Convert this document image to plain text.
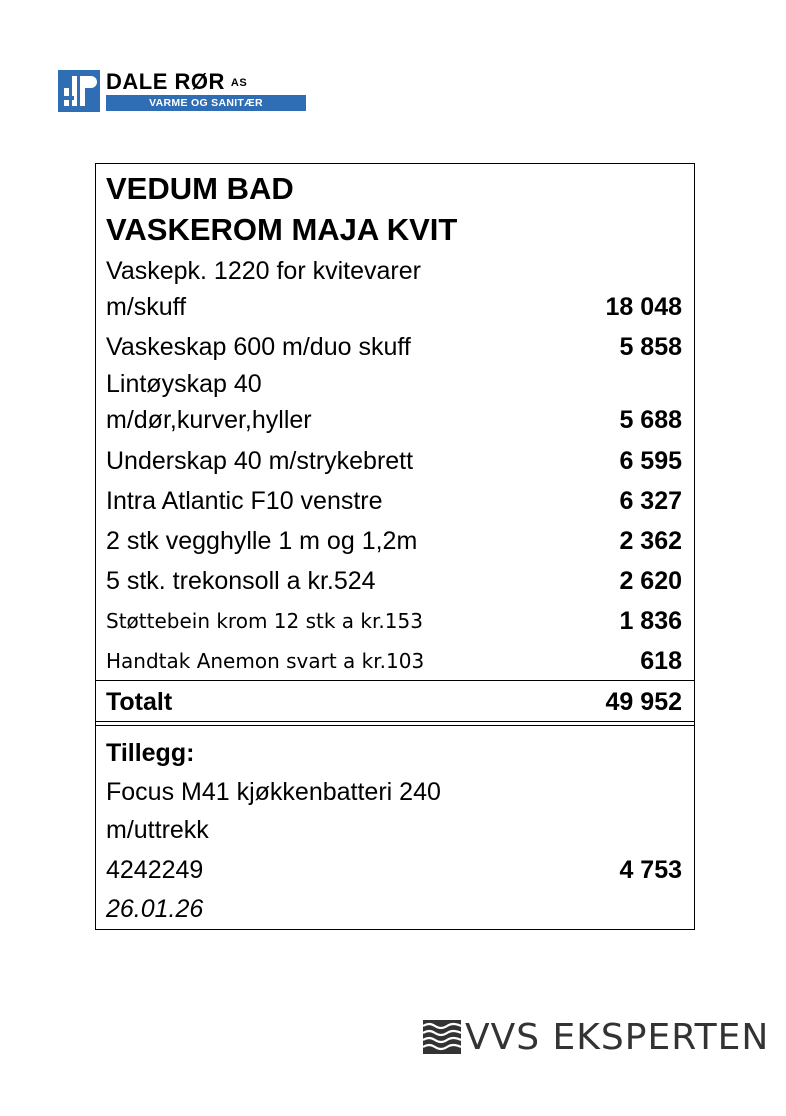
DALE RØR AS
VARME OG SANITÆR
VEDUM BAD
VASKEROM MAJA KVIT
Vaskepk. 1220 for kvitevarer
m/skuff	18 048
Vaskeskap 600 m/duo skuff	5 858
Lintøyskap 40
m/dør,kurver,hyller	5 688
Underskap 40 m/strykebrett	6 595
Intra Atlantic F10 venstre	6 327
2 stk vegghylle 1 m og 1,2m	2 362
5 stk. trekonsoll a kr.524	2 620
Støttebein krom 12 stk a kr.153	1 836
Handtak Anemon svart a kr.103	618
Totalt	49 952
Tillegg:
Focus M41 kjøkkenbatteri 240
m/uttrekk
4242249	4 753
26.01.26
VVS EKSPERTEN
